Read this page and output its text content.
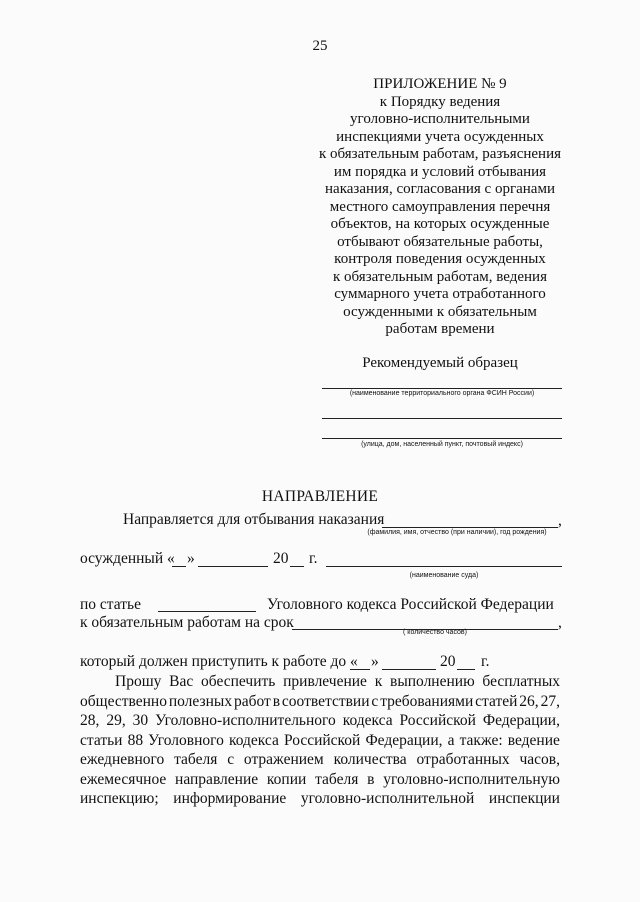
25
ПРИЛОЖЕНИЕ № 9
к Порядку ведения
уголовно-исполнительными
инспекциями учета осужденных
к обязательным работам, разъяснения
им порядка и условий отбывания
наказания, согласования с органами
местного самоуправления перечня
объектов, на которых осужденные
отбывают обязательные работы,
контроля поведения осужденных
к обязательным работам, ведения
суммарного учета отработанного
осужденными к обязательным
работам времени
Рекомендуемый образец
(наименование территориального органа ФСИН России)
(улица, дом, населенный пункт, почтовый индекс)
НАПРАВЛЕНИЕ
Направляется для отбывания наказания	,
(фамилия, имя, отчество (при наличии), год рождения)
осужденный « »	20 г.
(наименование суда)
по статье	Уголовного кодекса Российской Федерации
к обязательным работам на срок	,
( количество часов)
который должен приступить к работе до « »	20 г.
Прошу Вас обеспечить привлечение к выполнению бесплатных
общественно полезных работ в соответствии с требованиями статей 26, 27,
28, 29, 30 Уголовно-исполнительного кодекса Российской Федерации,
статьи 88 Уголовного кодекса Российской Федерации, а также: ведение
ежедневного табеля с отражением количества отработанных часов,
ежемесячное направление копии табеля в уголовно-исполнительную
инспекцию; информирование уголовно-исполнительной инспекции
